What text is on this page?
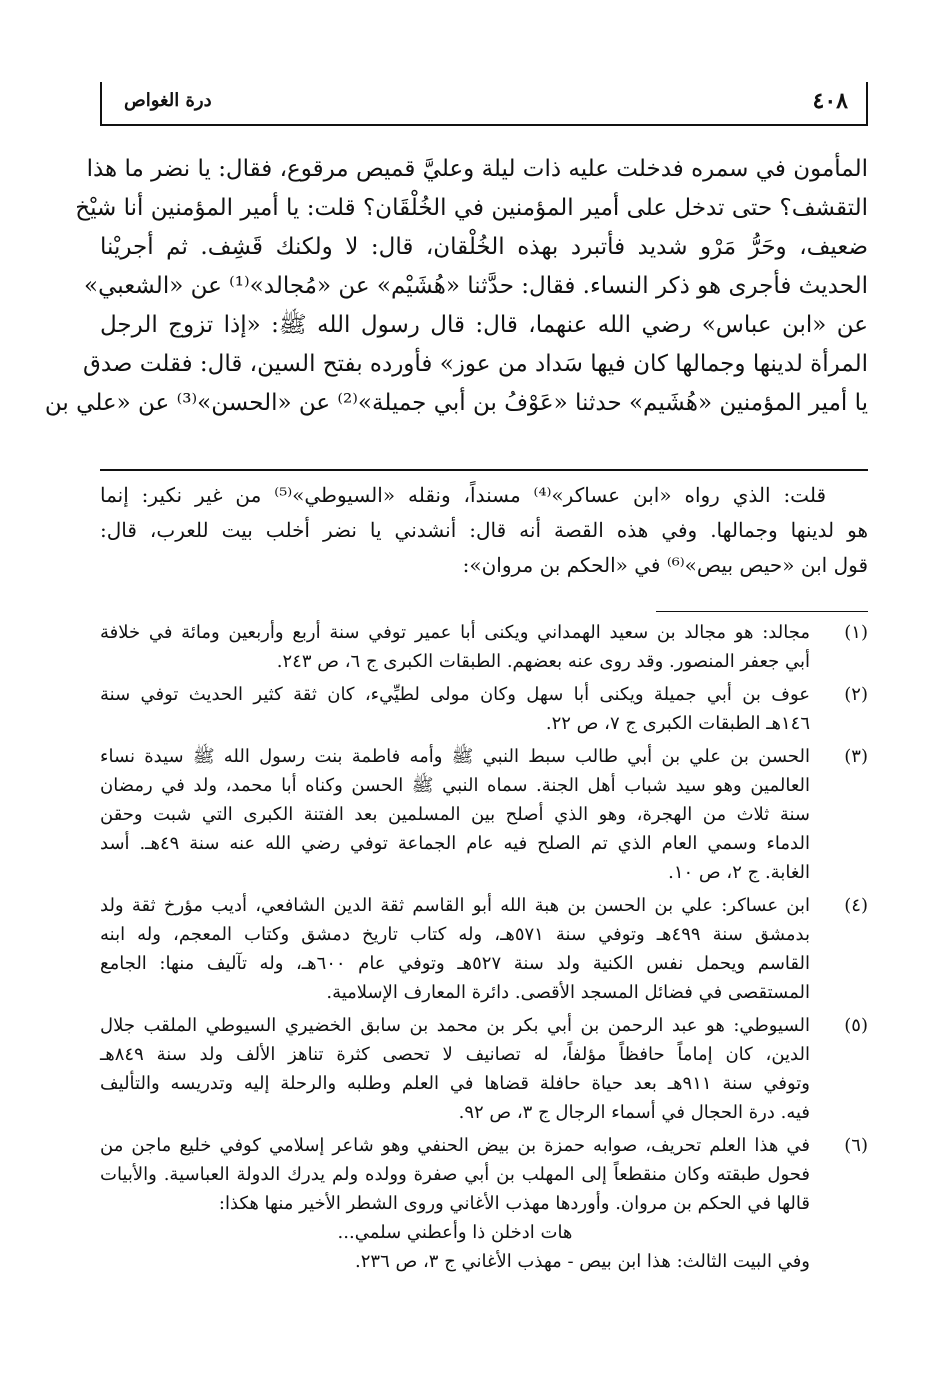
٤٠٨
درة الغواص
المأمون في سمره فدخلت عليه ذات ليلة وعليَّ قميص مرقوع، فقال: يا نضر ما هذا
التقشف؟ حتى تدخل على أمير المؤمنين في الخُلْقَان؟ قلت: يا أمير المؤمنين أنا شيْخ
ضعيف، وحَرُّ مَرْو شديد فأتبرد بهذه الخُلْقان، قال: لا ولكنك قَشِف. ثم أجريْنا
الحديث فأجرى هو ذكر النساء. فقال: حدَّثنا «هُشَيْم» عن «مُجالد»⁽¹⁾ عن «الشعبي»
عن «ابن عباس» رضي الله عنهما، قال: قال رسول الله ﷺ: «إذا تزوج الرجل
المرأة لدينها وجمالها كان فيها سَداد من عوز» فأورده بفتح السين، قال: فقلت صدق
يا أمير المؤمنين «هُشَيم» حدثنا «عَوْفُ بن أبي جميلة»⁽²⁾ عن «الحسن»⁽³⁾ عن «علي بن
قلت: الذي رواه «ابن عساكر»⁽⁴⁾ مسنداً، ونقله «السيوطي»⁽⁵⁾ من غير نكير: إنما
هو لدينها وجمالها. وفي هذه القصة أنه قال: أنشدني يا نضر أخلب بيت للعرب، قال:
قول ابن «حيص بيص»⁽⁶⁾ في «الحكم بن مروان»:
(١)
مجالد: هو مجالد بن سعيد الهمداني ويكنى أبا عمير توفي سنة أربع وأربعين ومائة في خلافة
أبي جعفر المنصور. وقد روى عنه بعضهم. الطبقات الكبرى ج ٦، ص ٢٤٣.
(٢)
عوف بن أبي جميلة ويكنى أبا سهل وكان مولى لطيِّيء، كان ثقة كثير الحديث توفي سنة
١٤٦هـ الطبقات الكبرى ج ٧، ص ٢٢.
(٣)
الحسن بن علي بن أبي طالب سبط النبي ﷺ وأمه فاطمة بنت رسول الله ﷺ سيدة نساء
العالمين وهو سيد شباب أهل الجنة. سماه النبي ﷺ الحسن وكناه أبا محمد، ولد في رمضان
سنة ثلاث من الهجرة، وهو الذي أصلح بين المسلمين بعد الفتنة الكبرى التي شبت وحقن
الدماء وسمي العام الذي تم الصلح فيه عام الجماعة توفي رضي الله عنه سنة ٤٩هـ. أسد
الغابة. ج ٢، ص ١٠.
(٤)
ابن عساكر: علي بن الحسن بن هبة الله أبو القاسم ثقة الدين الشافعي، أديب مؤرخ ثقة ولد
بدمشق سنة ٤٩٩هـ وتوفي سنة ٥٧١هـ، وله كتاب تاريخ دمشق وكتاب المعجم، وله ابنه
القاسم ويحمل نفس الكنية ولد سنة ٥٢٧هـ وتوفي عام ٦٠٠هـ، وله تآليف منها: الجامع
المستقصى في فضائل المسجد الأقصى. دائرة المعارف الإسلامية.
(٥)
السيوطي: هو عبد الرحمن بن أبي بكر بن محمد بن سابق الخضيري السيوطي الملقب جلال
الدين، كان إماماً حافظاً مؤلفاً، له تصانيف لا تحصى كثرة تناهز الألف ولد سنة ٨٤٩هـ
وتوفي سنة ٩١١هـ بعد حياة حافلة قضاها في العلم وطلبه والرحلة إليه وتدريسه والتأليف
فيه. درة الحجال في أسماء الرجال ج ٣، ص ٩٢.
(٦)
في هذا العلم تحريف، صوابه حمزة بن بيض الحنفي وهو شاعر إسلامي كوفي خليع ماجن من
فحول طبقته وكان منقطعاً إلى المهلب بن أبي صفرة وولده ولم يدرك الدولة العباسية. والأبيات
قالها في الحكم بن مروان. وأوردها مهذب الأغاني وروى الشطر الأخير منها هكذا:
هات ادخلن ذا وأعطني سلمي...
وفي البيت الثالث: هذا ابن بيص - مهذب الأغاني ج ٣، ص ٢٣٦.
